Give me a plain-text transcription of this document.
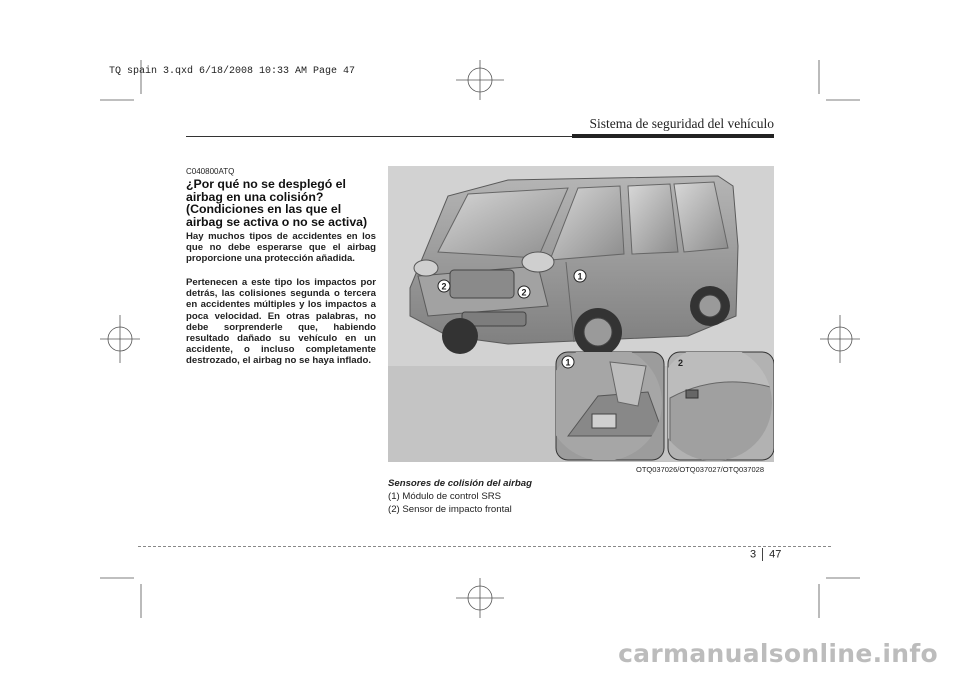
TQ spain 3.qxd 6/18/2008 10:33 AM Page 47
Sistema de seguridad del vehículo
C040800ATQ
¿Por qué no se desplegó el airbag en una colisión? (Condiciones en las que el airbag se activa o no se activa)
Hay muchos tipos de accidentes en los que no debe esperarse que el airbag proporcione una protección añadida.
Pertenecen a este tipo los impactos por detrás, las colisiones segunda o tercera en accidentes múltiples y los impactos a poca velocidad. En otras palabras, no debe sorprenderle que, habiendo resultado dañado su vehículo en un accidente, o incluso completamente destrozado, el airbag no se haya inflado.
1
2
2
1	2
OTQ037026/OTQ037027/OTQ037028
Sensores de colisión del airbag
(1) Módulo de control SRS
(2) Sensor de impacto frontal
3 47
carmanualsonline.info
